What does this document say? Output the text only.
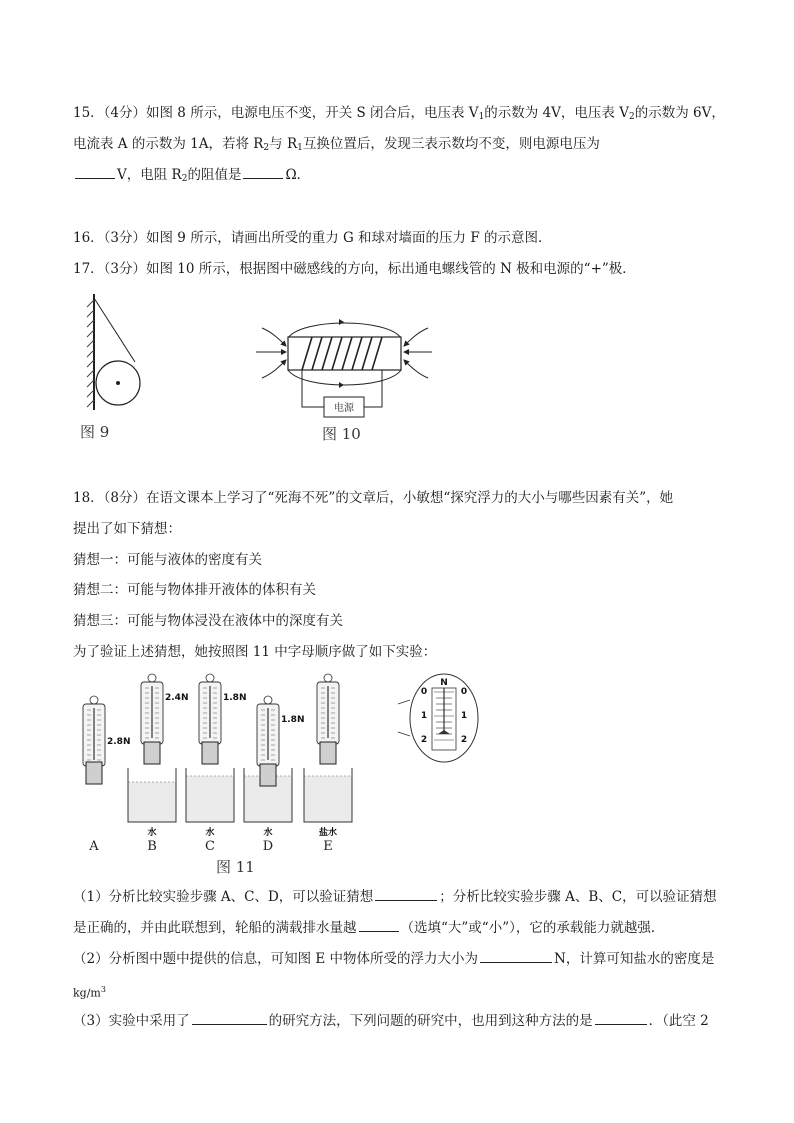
15．（4分）如图 8 所示，电源电压不变，开关 S 闭合后，电压表 $V_1$的示数为 4V，电压表 $V_2$的示数为 6V，
电流表 A 的示数为 1A，若将 $R_2$与 $R_1$互换位置后，发现三表示数均不变，则电源电压为
V，电阻 $R_2$的阻值是	Ω．
16．（3分）如图 9 所示，请画出所受的重力 G 和球对墙面的压力 F 的示意图．
17．（3分）如图 10 所示，根据图中磁感线的方向，标出通电螺线管的 N 极和电源的“+”极．
图 9
电源
图 10
18．（8分）在语文课本上学习了“死海不死”的文章后，小敏想“探究浮力的大小与哪些因素有关”，她
提出了如下猜想：
猜想一：可能与液体的密度有关
猜想二：可能与物体排开液体的体积有关
猜想三：可能与物体浸没在液体中的深度有关
为了验证上述猜想，她按照图 11 中字母顺序做了如下实验：
2.8N
A
2.4N
水
B
1.8N
水
C
1.8N
水
D
盐水
E
N
0
1
2
0
1
2
图 11
（1）分析比较实验步骤 A、C、D，可以验证猜想	；分析比较实验步骤 A、B、C，可以验证猜想
是正确的，并由此联想到，轮船的满载排水量越	（选填“大”或“小”），它的承载能力就越强．
（2）分析图中题中提供的信息，可知图 E 中物体所受的浮力大小为	N，计算可知盐水的密度是
$kg/m^3$
（3）实验中采用了	的研究方法，下列问题的研究中，也用到这种方法的是	．（此空 2
